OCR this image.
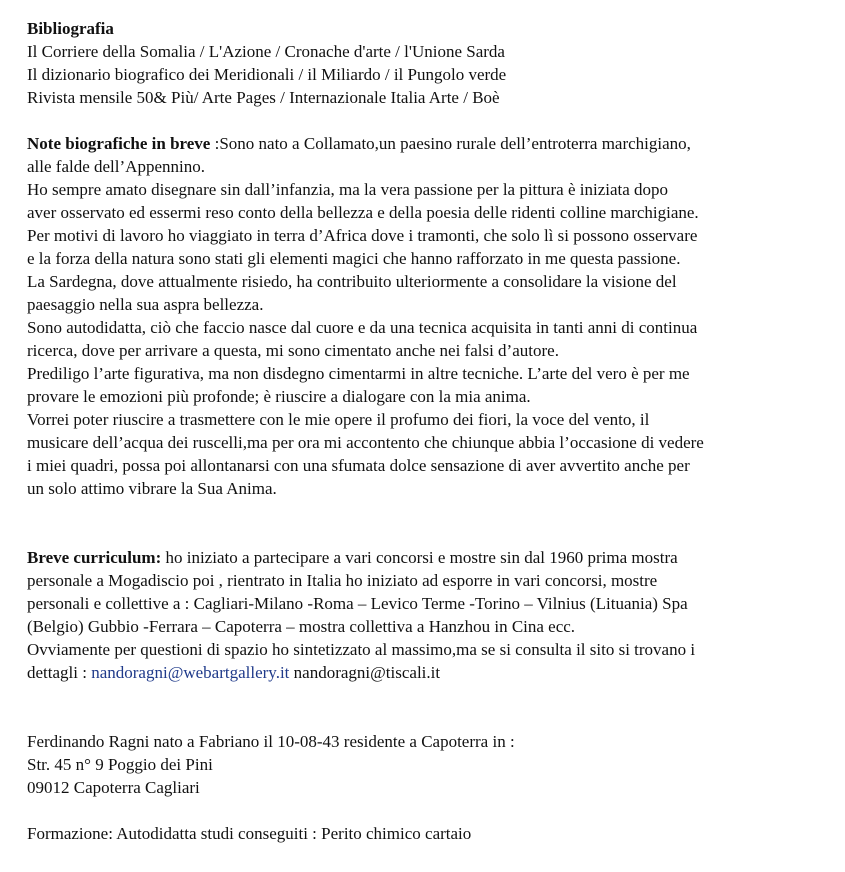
Bibliografia
Il Corriere della Somalia / L'Azione / Cronache d'arte / l'Unione Sarda
Il dizionario biografico dei Meridionali / il Miliardo / il Pungolo verde
Rivista mensile 50& Più/ Arte Pages / Internazionale Italia Arte / Boè
Note biografiche in breve :Sono nato a Collamato,un paesino rurale dell’entroterra marchigiano,
alle falde dell’Appennino.
Ho sempre amato disegnare sin dall’infanzia, ma la vera passione per la pittura è iniziata dopo
aver osservato ed essermi reso conto della bellezza e della poesia delle ridenti colline marchigiane.
Per motivi di lavoro ho viaggiato in terra d’Africa dove i tramonti, che solo lì si possono osservare
e la forza della natura sono stati gli elementi magici che hanno rafforzato in me questa passione.
La Sardegna, dove attualmente risiedo, ha contribuito ulteriormente a consolidare la visione del
paesaggio nella sua aspra bellezza.
Sono autodidatta, ciò che faccio nasce dal cuore e da una tecnica acquisita in tanti anni di continua
ricerca, dove per arrivare a questa, mi sono cimentato anche nei falsi d’autore.
Prediligo l’arte figurativa, ma non disdegno cimentarmi in altre tecniche. L’arte del vero è per me
provare le emozioni più profonde; è riuscire a dialogare con la mia anima.
Vorrei poter riuscire a trasmettere con le mie opere il profumo dei fiori, la voce del vento, il
musicare dell’acqua dei ruscelli,ma per ora mi accontento che chiunque abbia l’occasione di vedere
i miei quadri, possa poi allontanarsi con una sfumata dolce sensazione di aver avvertito anche per
un solo attimo vibrare la Sua Anima.
Breve curriculum: ho iniziato a partecipare a vari concorsi e mostre sin dal 1960 prima mostra
personale a Mogadiscio poi , rientrato in Italia ho iniziato ad esporre in vari concorsi, mostre
personali e collettive a : Cagliari-Milano -Roma – Levico Terme -Torino – Vilnius (Lituania) Spa
(Belgio) Gubbio -Ferrara – Capoterra – mostra collettiva a Hanzhou in Cina ecc.
Ovviamente per questioni di spazio ho sintetizzato al massimo,ma se si consulta il sito si trovano i
dettagli : nandoragni@webartgallery.it nandoragni@tiscali.it
Ferdinando Ragni nato a Fabriano il 10-08-43 residente a Capoterra in :
Str. 45 n° 9 Poggio dei Pini
09012 Capoterra Cagliari
Formazione: Autodidatta studi conseguiti : Perito chimico cartaio
